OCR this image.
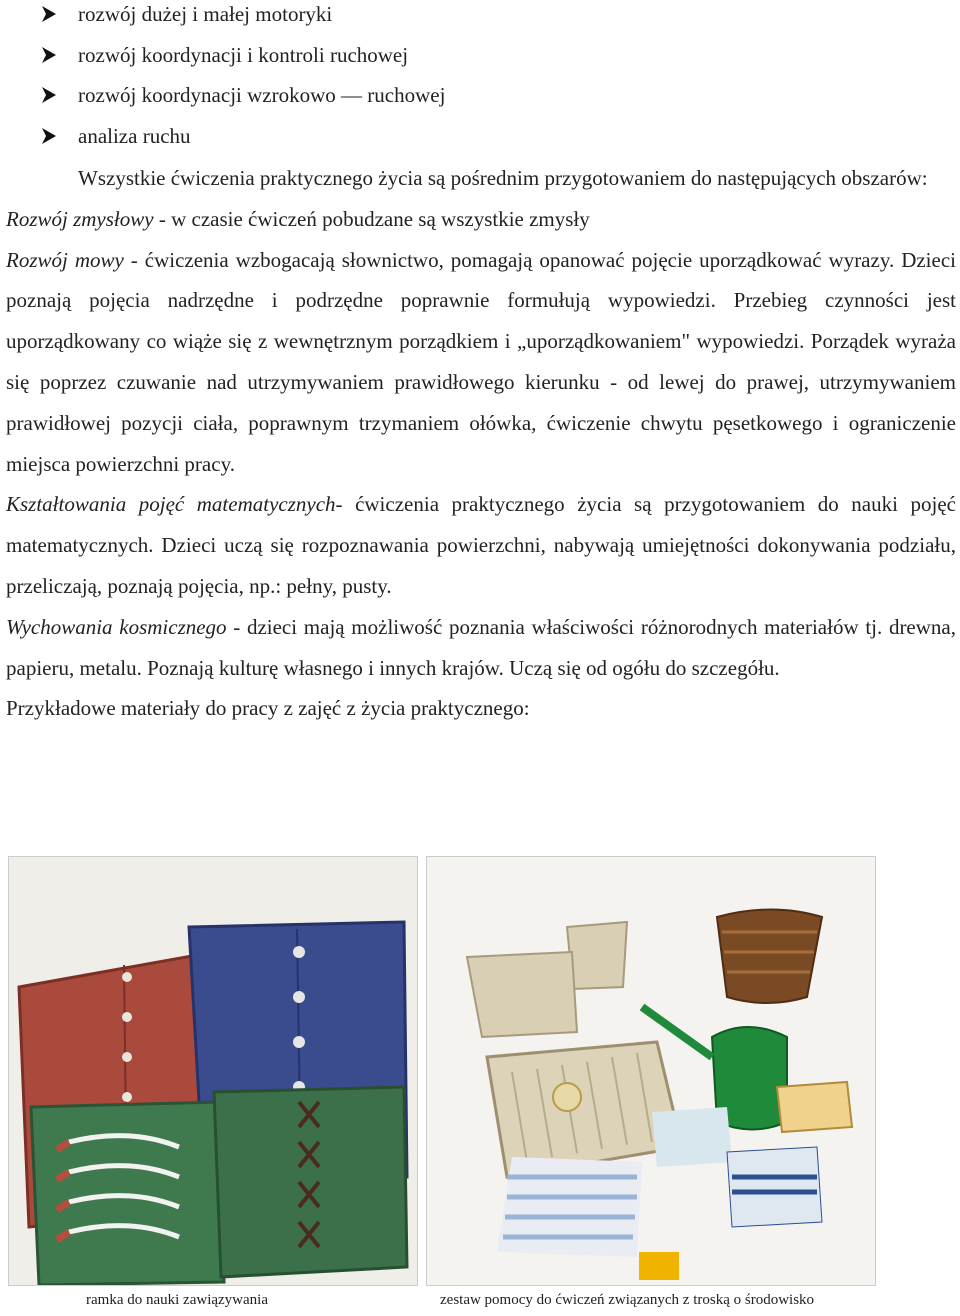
rozwój dużej i małej motoryki
rozwój koordynacji i kontroli ruchowej
rozwój koordynacji wzrokowo — ruchowej
analiza ruchu

Wszystkie ćwiczenia praktycznego życia są pośrednim przygotowaniem do następujących obszarów:

Rozwój zmysłowy - w czasie ćwiczeń pobudzane są wszystkie zmysły

Rozwój mowy - ćwiczenia wzbogacają słownictwo, pomagają opanować pojęcie uporządkować wyrazy. Dzieci poznają pojęcia nadrzędne i podrzędne poprawnie formułują wypowiedzi. Przebieg czynności jest uporządkowany co wiąże się z wewnętrznym porządkiem i „uporządkowaniem" wypowiedzi. Porządek wyraża się poprzez czuwanie nad utrzymywaniem prawidłowego kierunku - od lewej do prawej, utrzymywaniem prawidłowej pozycji ciała, poprawnym trzymaniem ołówka, ćwiczenie chwytu pęsetkowego i ograniczenie miejsca powierzchni pracy.

Kształtowania pojęć matematycznych- ćwiczenia praktycznego życia są przygotowaniem do nauki pojęć matematycznych. Dzieci uczą się rozpoznawania powierzchni, nabywają umiejętności dokonywania podziału, przeliczają, poznają pojęcia, np.: pełny, pusty.

Wychowania kosmicznego - dzieci mają możliwość poznania właściwości różnorodnych materiałów tj. drewna, papieru, metalu. Poznają kulturę własnego i innych krajów. Uczą się od ogółu do szczegółu.

Przykładowe materiały do pracy z zajęć z życia praktycznego:

ramka do nauki zawiązywania	zestaw pomocy do ćwiczeń związanych z troską o środowisko
